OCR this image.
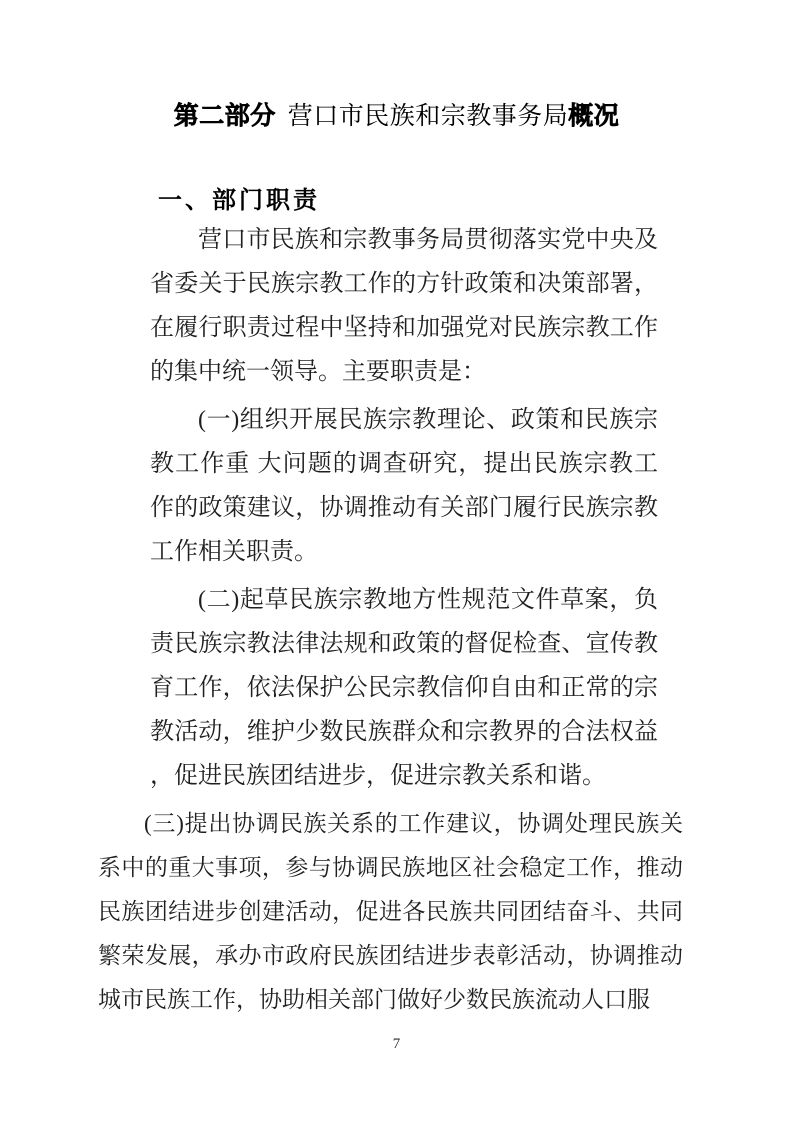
第二部分 营口市民族和宗教事务局概况
一、部门职责

营口市民族和宗教事务局贯彻落实党中央及省委关于民族宗教工作的方针政策和决策部署，在履行职责过程中坚持和加强党对民族宗教工作的集中统一领导。主要职责是：

(一)组织开展民族宗教理论、政策和民族宗教工作重 大问题的调查研究，提出民族宗教工作的政策建议，协调推动有关部门履行民族宗教工作相关职责。

(二)起草民族宗教地方性规范文件草案，负责民族宗教法律法规和政策的督促检查、宣传教育工作，依法保护公民宗教信仰自由和正常的宗教活动，维护少数民族群众和宗教界的合法权益，促进民族团结进步，促进宗教关系和谐。

(三)提出协调民族关系的工作建议，协调处理民族关系中的重大事项，参与协调民族地区社会稳定工作，推动民族团结进步创建活动，促进各民族共同团结奋斗、共同繁荣发展，承办市政府民族团结进步表彰活动，协调推动城市民族工作，协助相关部门做好少数民族流动人口服

7
